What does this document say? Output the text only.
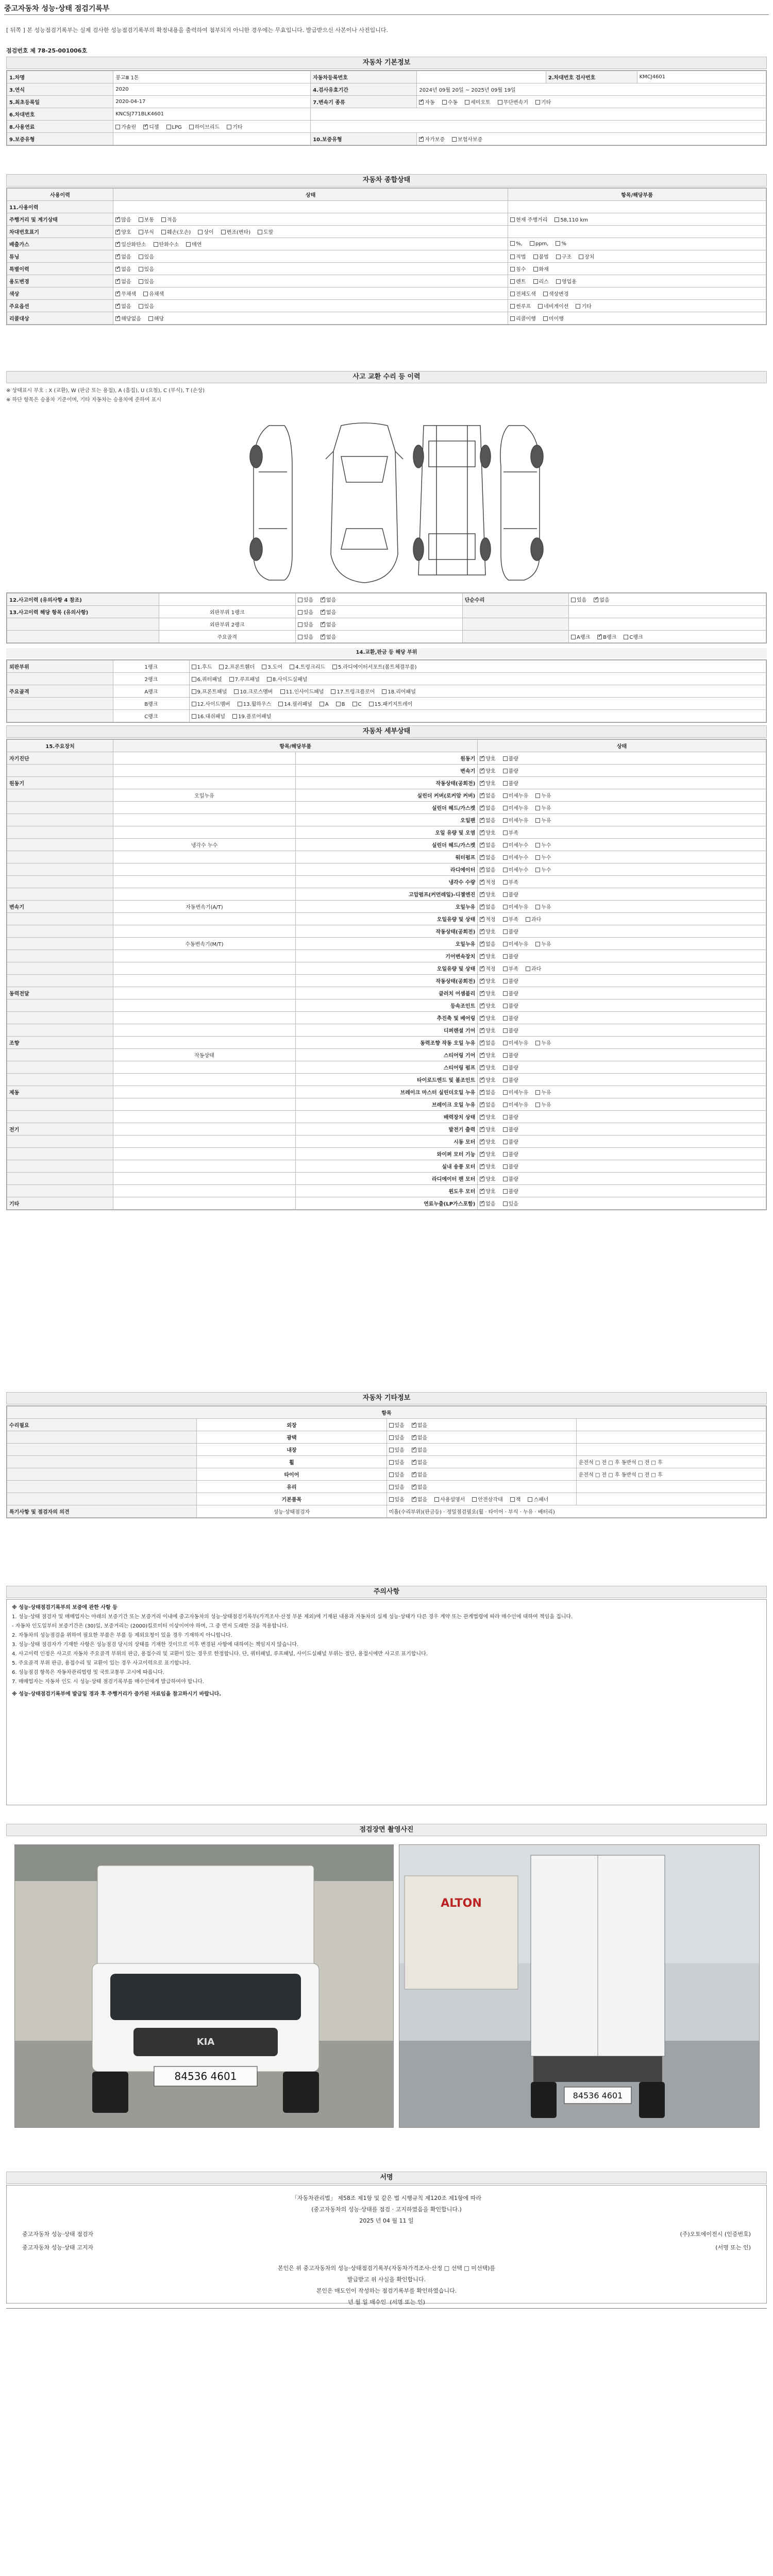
중고자동차 성능·상태 점검기록부
[ 뒤쪽 ] 본 성능점검기록부는 실제 검사한 성능점검기록부의 확정내용을 출력하여 첨부되지 아니한 경우에는 무효입니다. 발급받으신 사본이나 사진입니다.
점검번호 제 78-25-001006호
자동차 기본정보
1.차명	봉고Ⅲ 1톤	자동차등록번호		2.차대번호 검사번호	KMCJ4601
3.연식	2020	4.검사유효기간	2024년 09월 20일 ~ 2025년 09월 19일		
5.최초등록일	2020-04-17	7.변속기 종류	✓자동 수동 세미오토 무단변속기 기타
6.차대번호	KNCSJ771BLK4601				
8.사용연료	가솔린 ✓ 디젤 LPG 하이브리드 기타	
9.보증유형		10.보증유형	✓자가보증 보험사보증
자동차 종합상태
사용이력	상태	항목/해당부품
11.사용이력		
주행거리 및 계기상태	✓많음 보통 적음	현재 주행거리 58,110 km
차대번호표기	✓양호 부식 훼손(오손) 상이 변조(변타) 도말	
배출가스	✓일산화탄소 탄화수소 매연	%, ppm, %
튜닝	✓없음 있음	적법 불법 구조 장치
특별이력	✓없음 있음	침수 화재
용도변경	✓없음 있음	렌트 리스 영업용
색상	✓무채색 유채색	전체도색 색상변경
주요옵션	✓없음 있음	썬루프 네비게이션 기타
리콜대상	✓해당없음 해당	리콜이행 미이행
사고 교환 수리 등 이력
※ 상태표시 부호 : X (교환), W (판금 또는 용접), A (흠집), U (요철), C (부식), T (손상)
※ 하단 항목은 승용차 기준이며, 기타 자동차는 승용차에 준하여 표시
12.사고이력 (유의사항 4 참조)		있음 ✓ 없음	단순수리	있음 ✓ 없음
13.사고이력 해당 항목 (유의사항)	외판부위 1랭크	있음 ✓ 없음		
	외판부위 2랭크	있음 ✓ 없음		
	주요골격	있음 ✓ 없음		A랭크 ✓ B랭크 C랭크
14.교환,판금 등 해당 부위
외판부위	1랭크	1.후드 2.프론트휀더 3.도어 4.트렁크리드 5.라디에이터서포트(볼트체결부품)
	2랭크	6.쿼터패널 7.루프패널 8.사이드실패널
주요골격	A랭크	9.프론트패널 10.크로스멤버 11.인사이드패널 17.트렁크플로어 18.리어패널
	B랭크	12.사이드멤버 13.휠하우스 14.필러패널 A B C 15.패키지트레이
	C랭크	16.대쉬패널 19.플로어패널
자동차 세부상태
15.주요장치	항목/해당부품		상태
자기진단		원동기	✓양호 불량
		변속기	✓양호 불량
원동기		작동상태(공회전)	✓양호 불량
	오일누유	실린더 커버(로커암 커버)	✓없음 미세누유 누유
		실린더 헤드/가스켓	✓없음 미세누유 누유
		오일팬	✓없음 미세누유 누유
		오일 유량 및 오염	✓양호 부족
	냉각수 누수	실린더 헤드/가스켓	✓없음 미세누수 누수
		워터펌프	✓없음 미세누수 누수
		라디에이터	✓없음 미세누수 누수
		냉각수 수량	✓적정 부족
		고압펌프(커먼레일)-디젤엔진	✓양호 불량
변속기	자동변속기(A/T)	오일누유	✓없음 미세누유 누유
		오일유량 및 상태	✓적정 부족 과다
		작동상태(공회전)	✓양호 불량
	수동변속기(M/T)	오일누유	✓없음 미세누유 누유
		기어변속장치	✓양호 불량
		오일유량 및 상태	✓적정 부족 과다
		작동상태(공회전)	✓양호 불량
동력전달		클러치 어셈블리	✓양호 불량
		등속조인트	✓양호 불량
		추진축 및 베어링	✓양호 불량
		디퍼렌셜 기어	✓양호 불량
조향		동력조향 작동 오일 누유	✓없음 미세누유 누유
	작동상태	스티어링 기어	✓양호 불량
		스티어링 펌프	✓양호 불량
		타이로드엔드 및 볼조인트	✓양호 불량
제동		브레이크 마스터 실린더오일 누유	✓없음 미세누유 누유
		브레이크 오일 누유	✓없음 미세누유 누유
		배력장치 상태	✓양호 불량
전기		발전기 출력	✓양호 불량
		시동 모터	✓양호 불량
		와이퍼 모터 기능	✓양호 불량
		실내 송풍 모터	✓양호 불량
		라디에이터 팬 모터	✓양호 불량
		윈도우 모터	✓양호 불량
기타		연료누출(LP가스포함)	✓없음 있음
자동차 기타정보
항목			
수리필요	외장	있음 ✓ 없음	
	광택	있음 ✓ 없음	
	내장	있음 ✓ 없음	
	휠	있음 ✓ 없음	운전석 □ 전 □ 후 동반석 □ 전 □ 후
	타이어	있음 ✓ 없음	운전석 □ 전 □ 후 동반석 □ 전 □ 후
	유리	있음 ✓ 없음	
	기본품목	있음 ✓ 없음 사용설명서 안전삼각대 잭 스패너	
특기사항 및 점검자의 의견	성능·상태점검자	미흡(수리부위)(판금등) · 정밀점검필요(휠 · 타이어 · 부식 · 누유 · 배터리)	
주의사항

※ 성능·상태점검기록부의 보증에 관한 사항 등

1. 성능·상태 점검자 및 매매업자는 아래의 보증기간 또는 보증거리 이내에 중고자동차의 성능·상태점검기록부(가격조사·산정 부분 제외)에 기재된 내용과 자동차의 실제 성능·상태가 다른 경우 계약 또는 관계법령에 따라 매수인에 대하여 책임을 집니다.

- 자동차 인도일부터 보증기간은 (30)일, 보증거리는 (2000)킬로미터 이상이어야 하며, 그 중 먼저 도래한 것을 적용합니다.

2. 자동차의 성능점검을 위하여 필요한 부품은 부품 등 제외요청이 있을 경우 기재하지 아니합니다.

3. 성능·상태 점검자가 기재한 사항은 성능점검 당시의 상태를 기재한 것이므로 이후 변경된 사항에 대하여는 책임지지 않습니다.

4. 사고이력 인정은 사고로 자동차 주요골격 부위의 판금, 용접수리 및 교환이 있는 경우로 한정합니다. 단, 쿼터패널, 루프패널, 사이드실패널 부위는 절단, 용접시에만 사고로 표기합니다.

5. 주요골격 부위 판금, 용접수리 및 교환이 있는 경우 사고이력으로 표기합니다.

6. 성능점검 항목은 자동차관리법령 및 국토교통부 고시에 따릅니다.

7. 매매업자는 자동차 인도 시 성능·상태 점검기록부를 매수인에게 발급하여야 합니다.

※ 성능·상태점검기록부에 발급일 경과 후 주행거리가 증가된 자료임을 참고하시기 바랍니다.

점검장면 촬영사진
KIA
84536 4601
ALTON
84536 4601
서명
「자동차관리법」 제58조 제1항 및 같은 법 시행규칙 제120조 제1항에 따라
(중고자동차의 성능·상태를 점검 · 고지하였음을 확인합니다.)
2025 년 04 월 11 일
중고자동차 성능·상태 점검자	(주)오토에이전시 (인증번호)
중고자동차 성능·상태 고지자	(서명 또는 인)
본인은 위 중고자동차의 성능·상태점검기록부(자동차가격조사·산정 □ 선택 □ 미선택)를
발급받고 위 사실을 확인합니다.
본인은 매도인이 작성하는 점검기록부를 확인하였습니다.
년 월 일 매수인 (서명 또는 인)
